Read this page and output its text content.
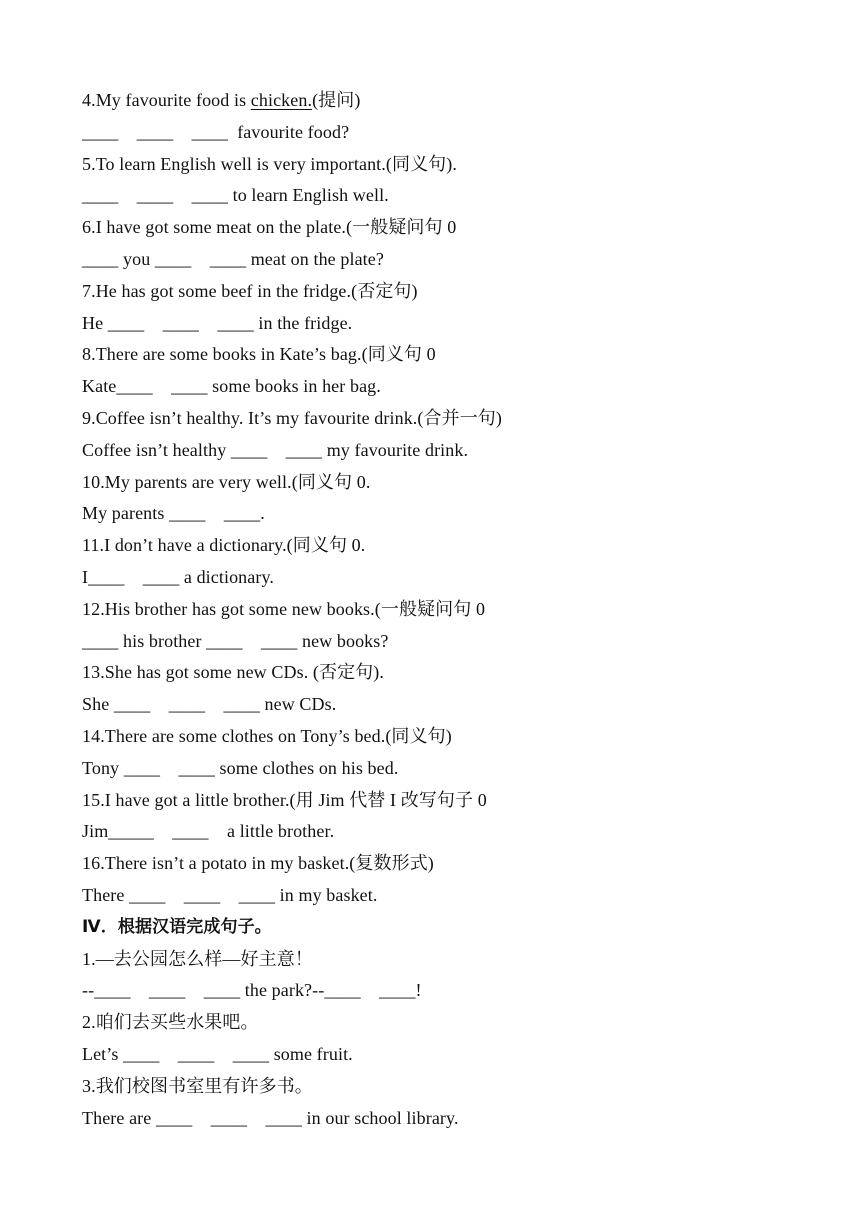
4.My favourite food is chicken.(提问)
____    ____    ____  favourite food?
5.To learn English well is very important.(同义句).
____    ____    ____ to learn English well.
6.I have got some meat on the plate.(一般疑问句 0
____ you ____    ____ meat on the plate?
7.He has got some beef in the fridge.(否定句)
He ____    ____    ____ in the fridge.
8.There are some books in Kate’s bag.(同义句 0
Kate____    ____ some books in her bag.
9.Coffee isn’t healthy. It’s my favourite drink.(合并一句)
Coffee isn’t healthy ____    ____ my favourite drink.
10.My parents are very well.(同义句 0.
My parents ____    ____.
11.I don’t have a dictionary.(同义句 0.
I____    ____ a dictionary.
12.His brother has got some new books.(一般疑问句 0
____ his brother ____    ____ new books?
13.She has got some new CDs. (否定句).
She ____    ____    ____ new CDs.
14.There are some clothes on Tony’s bed.(同义句)
Tony ____    ____ some clothes on his bed.
15.I have got a little brother.(用 Jim 代替 I 改写句子 0
Jim_____    ____    a little brother.
16.There isn’t a potato in my basket.(复数形式)
There ____    ____    ____ in my basket.
Ⅳ．根据汉语完成句子。
1.—去公园怎么样—好主意！
--____    ____    ____ the park?--____    ____!
2.咱们去买些水果吧。
Let’s ____    ____    ____ some fruit.
3.我们校图书室里有许多书。
There are ____    ____    ____ in our school library.
